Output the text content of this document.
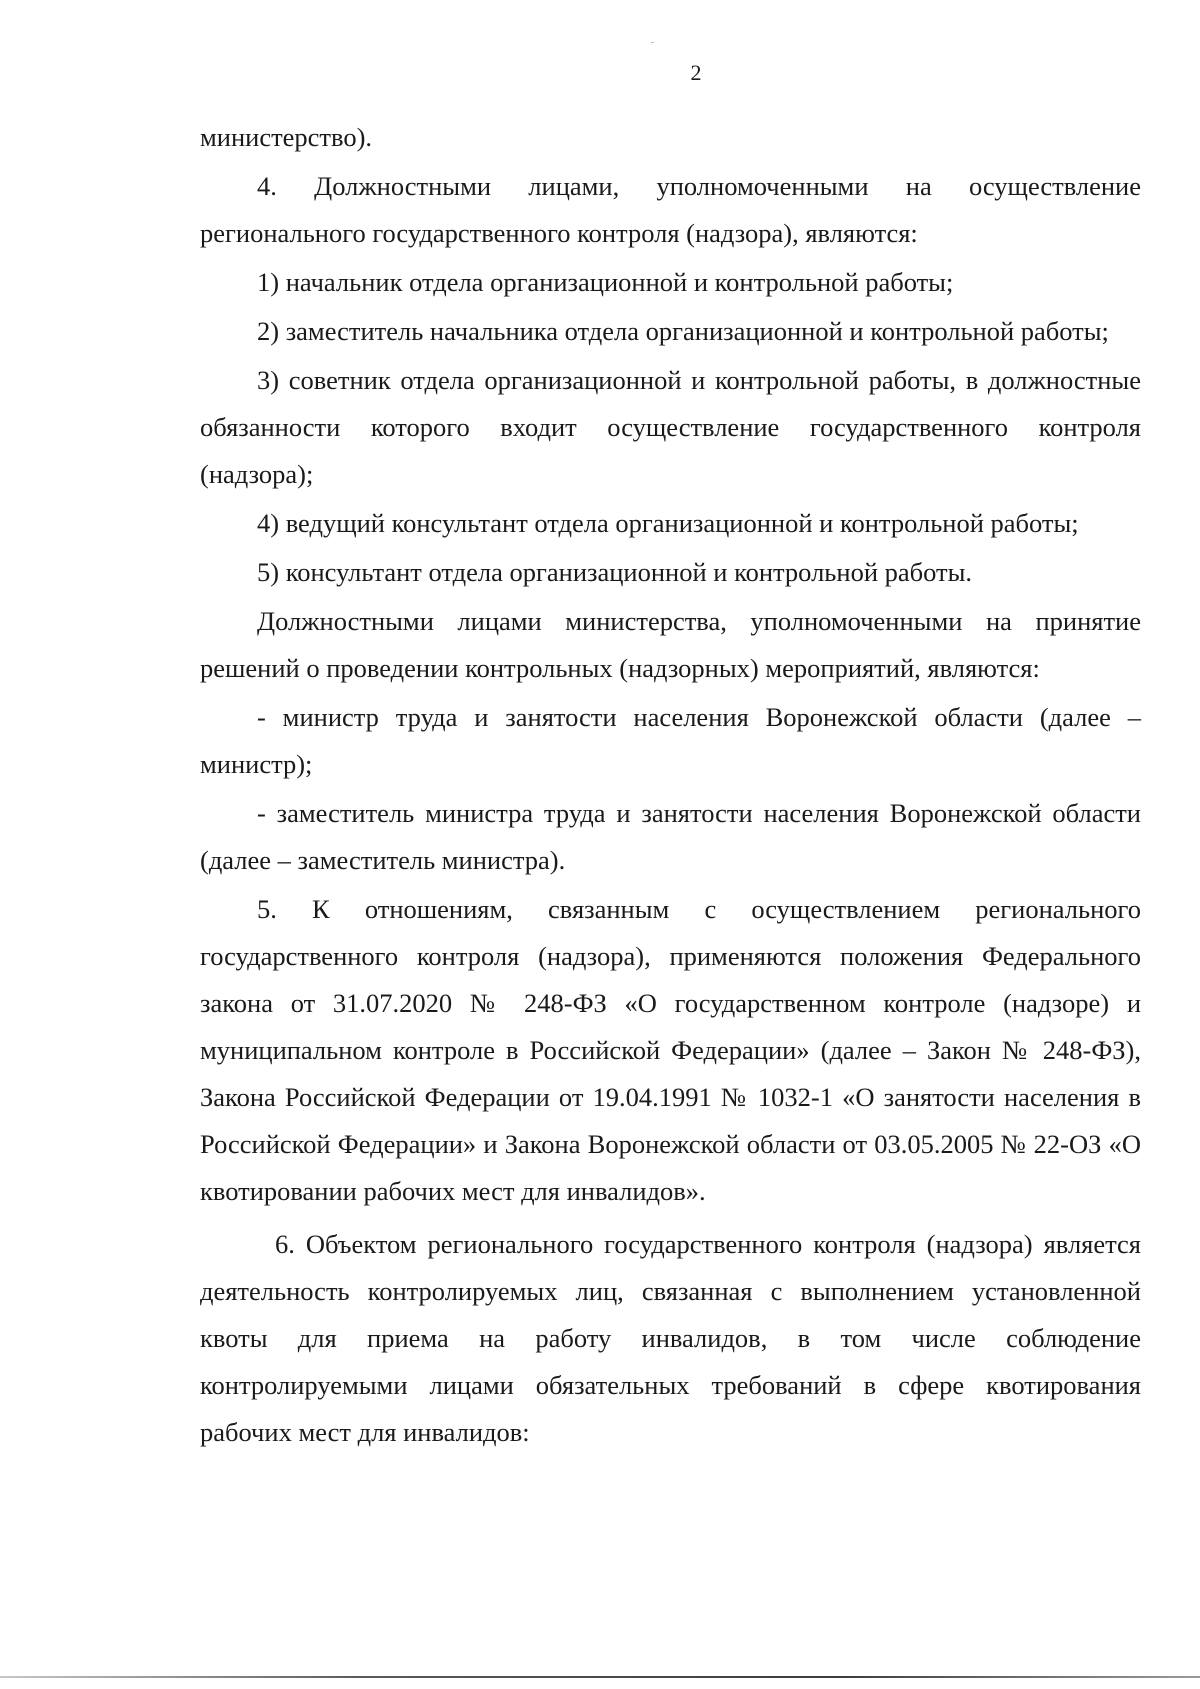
2

министерство).

4. Должностными лицами, уполномоченными на осуществление регионального государственного контроля (надзора), являются:

1) начальник отдела организационной и контрольной работы;

2) заместитель начальника отдела организационной и контрольной работы;

3) советник отдела организационной и контрольной работы, в должностные обязанности которого входит осуществление государственного контроля (надзора);

4) ведущий консультант отдела организационной и контрольной работы;

5) консультант отдела организационной и контрольной работы.

Должностными лицами министерства, уполномоченными на принятие решений о проведении контрольных (надзорных) мероприятий, являются:

- министр труда и занятости населения Воронежской области (далее – министр);

- заместитель министра труда и занятости населения Воронежской области (далее – заместитель министра).

5. К отношениям, связанным с осуществлением регионального государственного контроля (надзора), применяются положения Федерального закона от 31.07.2020 № 248-ФЗ «О государственном контроле (надзоре) и муниципальном контроле в Российской Федерации» (далее – Закон № 248-ФЗ), Закона Российской Федерации от 19.04.1991 № 1032-1 «О занятости населения в Российской Федерации» и Закона Воронежской области от 03.05.2005 № 22-ОЗ «О квотировании рабочих мест для инвалидов».

6. Объектом регионального государственного контроля (надзора) является деятельность контролируемых лиц, связанная с выполнением установленной квоты для приема на работу инвалидов, в том числе соблюдение контролируемыми лицами обязательных требований в сфере квотирования рабочих мест для инвалидов:
